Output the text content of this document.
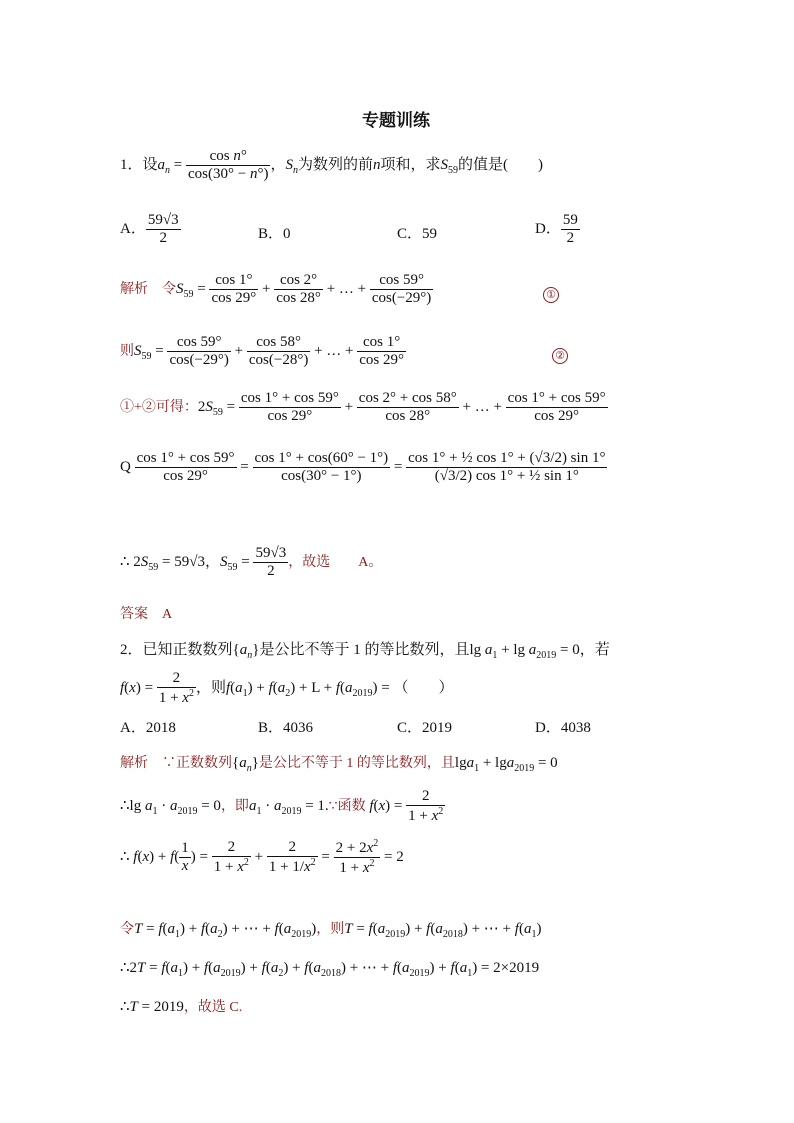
专题训练
1．设$a_n = \frac{\text{cos n°}}{\cos(30^\circ - n^\circ)}$ ，$S_n$为数列的前n项和，求$S_{59}$的值是(　　)
A． $\frac{59√3}{2}$	B．0	C．59	D． $\frac{59}{2}$
解析　 令$S_{59} = \frac{\cos 1^\circ}{\cos 29^\circ} + \frac{\cos 2^\circ}{\cos 28^\circ}$ + … + $\frac{\cos 59^\circ}{\cos(-29^\circ)}$	①
则$S_{59} = \frac{\cos 59^\circ}{\cos(-29^\circ)} + \frac{\cos 58^\circ}{\cos(-28^\circ)}$ + … + $\frac{\cos 1^\circ}{\cos 29^\circ}$	②
①+②可得：$2S_{59} = \frac{\cos 1^\circ + \cos 59^\circ}{\cos 29^\circ} + \frac{\cos 2^\circ + \cos 58^\circ}{\cos 28^\circ}$ + … + $\frac{\cos 1^\circ + \cos 59^\circ}{\cos 29^\circ}$
Q $\frac{\cos 1^\circ + \cos 59^\circ}{\cos 29^\circ} = \frac{\cos 1^\circ + \cos(60^\circ - 1^\circ)}{\cos(30^\circ - 1^\circ)} = \frac{\text{cos 1° + ½ cos 1° + (√3/2) sin 1°}}{\text{(√3/2) cos 1° + ½ sin 1°}}$
∴ $2S_{59} = 59√3$，$S_{59} = \frac{59√3}{2}$ ，故选　　 A。
答案　 A
2．已知正数数列$\{a_n\}$是公比不等于 1 的等比数列，且$\lg a_1 + \lg a_{2019} = 0$，若
$f(x) = \frac{2}{1 + x^2}$ ，则$f(a_1) + f(a_2) + L + f(a_{2019})$ = （　　）
A．2018	B．4036	C．2019	D．4038
解析　 ∵正数数列$\{a_n\}$是公比不等于 1 的等比数列，且lga$_1$ + lga$_{2019}$ = 0
∴lg $a_1 \cdot a_{2019} = 0$，即$a_1 \cdot a_{2019}$ = 1.∵函数 $f(x) = \frac{2}{1 + x^2}$
∴ $f(x) + f( \frac{1}{x}$ ) = $\frac{2}{1 + x^2} + \frac{2}{1 + 1/x^2} = \frac{2 + 2x^2}{1 + x^2} = 2$
令$T = f(a_1) + f(a_2)$ + ⋯ + $f(a_{2019})$，则$T = f(a_{2019}) + f(a_{2018})$ + ⋯ + $f(a_1)$
∴2T = $f(a_1) + f(a_{2019}) + f(a_2) + f(a_{2018})$ + ⋯ + $f(a_{2019}) + f(a_1) = 2\times 2019$
∴T = 2019，故选 C.
